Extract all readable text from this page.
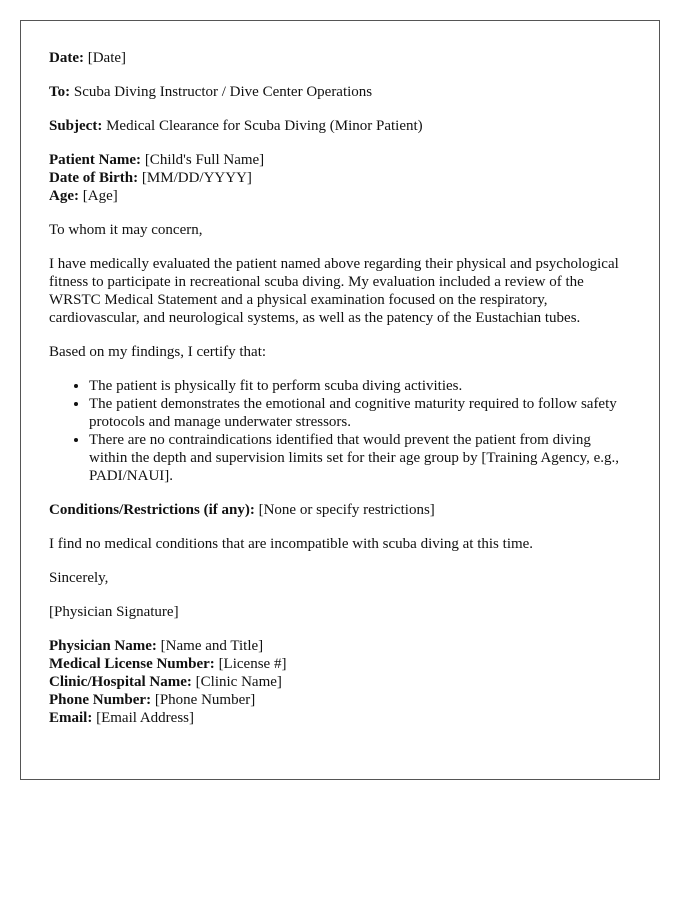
Date: [Date]

To: Scuba Diving Instructor / Dive Center Operations

Subject: Medical Clearance for Scuba Diving (Minor Patient)

Patient Name: [Child's Full Name]
Date of Birth: [MM/DD/YYYY]
Age: [Age]

To whom it may concern,

I have medically evaluated the patient named above regarding their physical and psychological fitness to participate in recreational scuba diving. My evaluation included a review of the WRSTC Medical Statement and a physical examination focused on the respiratory, cardiovascular, and neurological systems, as well as the patency of the Eustachian tubes.

Based on my findings, I certify that:

• The patient is physically fit to perform scuba diving activities.
• The patient demonstrates the emotional and cognitive maturity required to follow safety protocols and manage underwater stressors.
• There are no contraindications identified that would prevent the patient from diving within the depth and supervision limits set for their age group by [Training Agency, e.g., PADI/NAUI].

Conditions/Restrictions (if any): [None or specify restrictions]

I find no medical conditions that are incompatible with scuba diving at this time.

Sincerely,

[Physician Signature]

Physician Name: [Name and Title]
Medical License Number: [License #]
Clinic/Hospital Name: [Clinic Name]
Phone Number: [Phone Number]
Email: [Email Address]
